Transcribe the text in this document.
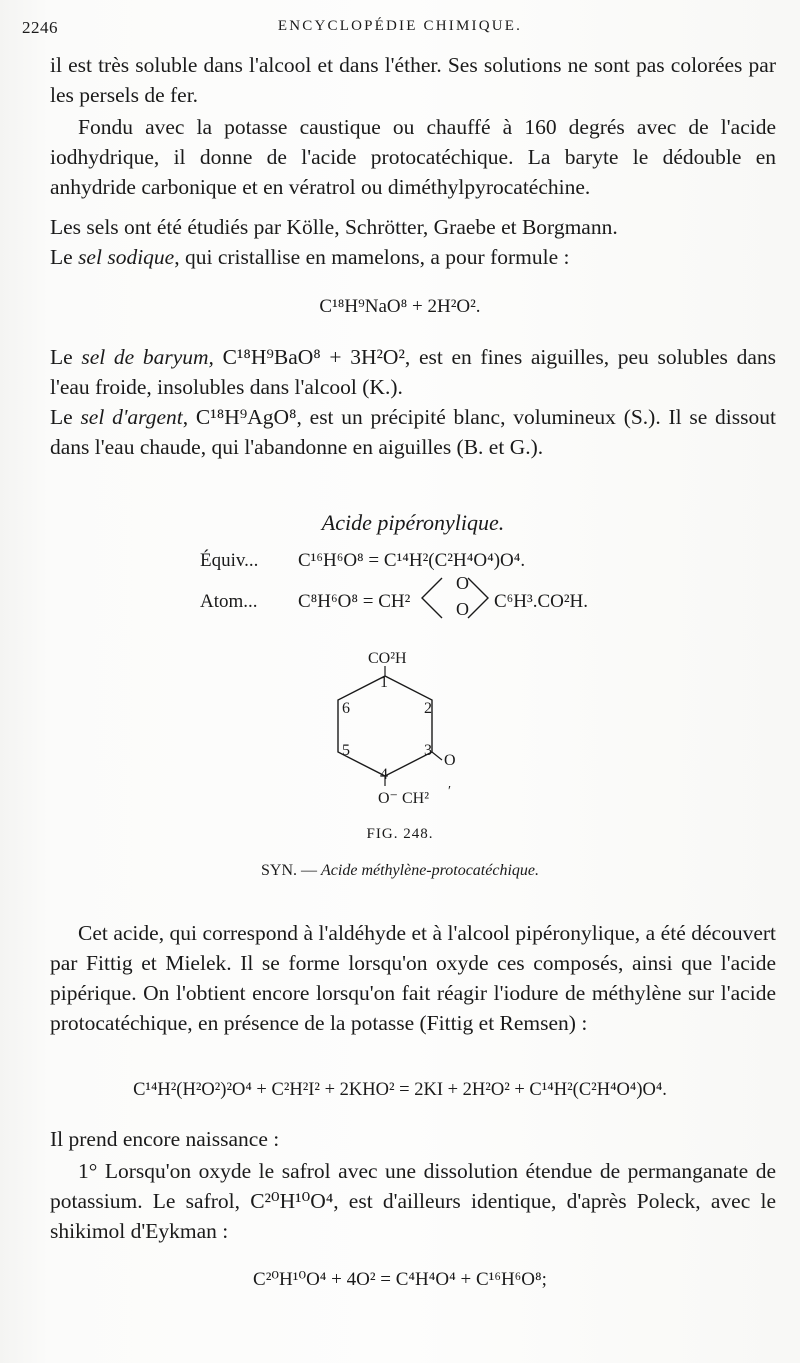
2246	ENCYCLOPÉDIE CHIMIQUE.

il est très soluble dans l'alcool et dans l'éther. Ses solutions ne sont pas colorées par les persels de fer.

Fondu avec la potasse caustique ou chauffé à 160 degrés avec de l'acide iodhydrique, il donne de l'acide protocatéchique. La baryte le dédouble en anhydride carbonique et en vératrol ou diméthylpyrocatéchine.

Les sels ont été étudiés par Kölle, Schrötter, Graebe et Borgmann.

Le sel sodique, qui cristallise en mamelons, a pour formule :

C¹⁸H⁹NaO⁸ + 2H²O².

Le sel de baryum, C¹⁸H⁹BaO⁸ + 3H²O², est en fines aiguilles, peu solubles dans l'eau froide, insolubles dans l'alcool (K.).

Le sel d'argent, C¹⁸H⁹AgO⁸, est un précipité blanc, volumineux (S.). Il se dissout dans l'eau chaude, qui l'abandonne en aiguilles (B. et G.).

Acide pipéronylique.
Équiv... C¹⁶H⁶O⁸ = C¹⁴H²(C²H⁴O⁴)O⁴.
Atom... C⁸H⁶O⁸ = CH²
O
O C⁶H³.CO²H.
CO²H
1
2
3
4
5
6
O
O⁻ CH² ′
FIG. 248.
SYN. — Acide méthylène-protocatéchique.

Cet acide, qui correspond à l'aldéhyde et à l'alcool pipéronylique, a été découvert par Fittig et Mielek. Il se forme lorsqu'on oxyde ces composés, ainsi que l'acide pipérique. On l'obtient encore lorsqu'on fait réagir l'iodure de méthylène sur l'acide protocatéchique, en présence de la potasse (Fittig et Remsen) :

C¹⁴H²(H²O²)²O⁴ + C²H²I² + 2KHO² = 2KI + 2H²O² + C¹⁴H²(C²H⁴O⁴)O⁴.

Il prend encore naissance :

1° Lorsqu'on oxyde le safrol avec une dissolution étendue de permanganate de potassium. Le safrol, C²⁰H¹⁰O⁴, est d'ailleurs identique, d'après Poleck, avec le shikimol d'Eykman :

C²⁰H¹⁰O⁴ + 4O² = C⁴H⁴O⁴ + C¹⁶H⁶O⁸;
